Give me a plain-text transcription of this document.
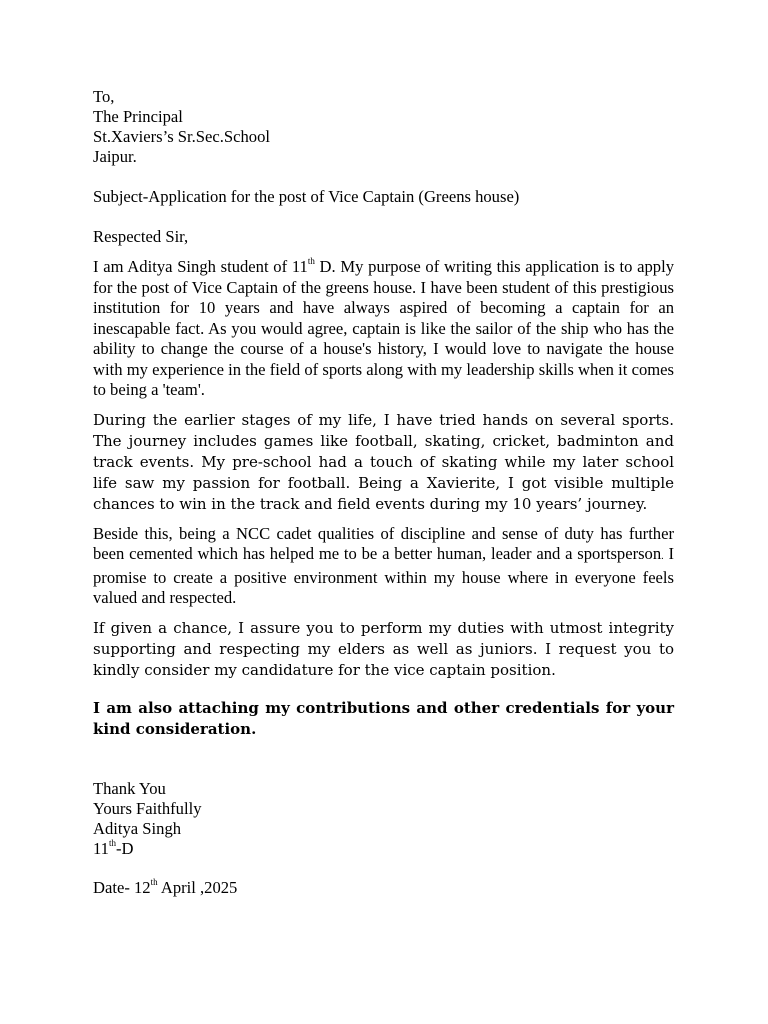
To,
The Principal
St.Xaviers’s Sr.Sec.School
Jaipur.
Subject-Application for the post of Vice Captain (Greens house)
Respected Sir,

I am Aditya Singh student of 11th D. My purpose of writing this application is to apply for the post of Vice Captain of the greens house. I have been student of this prestigious institution for 10 years and have always aspired of becoming a captain for an inescapable fact. As you would agree, captain is like the sailor of the ship who has the ability to change the course of a house's history, I would love to navigate the house with my experience in the field of sports along with my leadership skills when it comes to being a 'team'.

During the earlier stages of my life, I have tried hands on several sports. The journey includes games like football, skating, cricket, badminton and track events. My pre-school had a touch of skating while my later school life saw my passion for football. Being a Xavierite, I got visible multiple chances to win in the track and field events during my 10 years’ journey.

Beside this, being a NCC cadet qualities of discipline and sense of duty has further been cemented which has helped me to be a better human, leader and a sportsperson. I promise to create a positive environment within my house where in everyone feels valued and respected.

If given a chance, I assure you to perform my duties with utmost integrity supporting and respecting my elders as well as juniors. I request you to kindly consider my candidature for the vice captain position.

I am also attaching my contributions and other credentials for your kind consideration.

Thank You
Yours Faithfully
Aditya Singh
11th-D
Date- 12th April ,2025
